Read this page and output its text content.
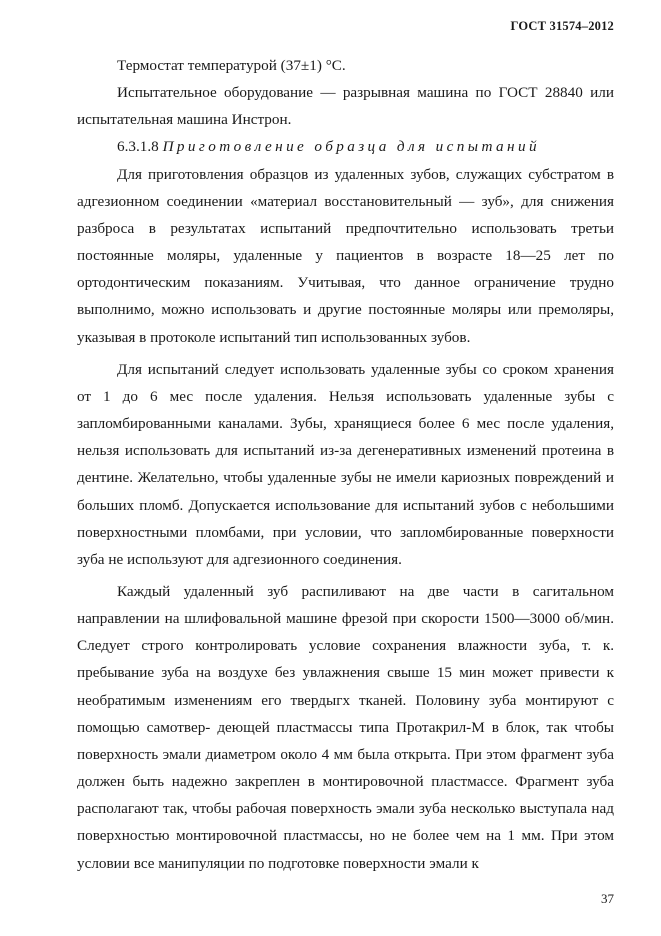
ГОСТ 31574–2012

Термостат температурой (37±1) °С.

Испытательное оборудование — разрывная машина по ГОСТ 28840 или испытательная машина Инстрон.

6.3.1.8 Приготовление образца для испытаний

Для приготовления образцов из удаленных зубов, служащих субстратом в адгезионном соединении «материал восстановительный — зуб», для снижения разброса в результатах испытаний предпочтительно использовать третьи постоянные моляры, удаленные у пациентов в возрасте 18—25 лет по ортодонтическим показаниям. Учитывая, что данное ограничение трудно выполнимо, можно использовать и другие постоянные моляры или премоляры, указывая в протоколе испытаний тип использованных зубов.

Для испытаний следует использовать удаленные зубы со сроком хранения от 1 до 6 мес после удаления. Нельзя использовать удаленные зубы с запломбированными каналами. Зубы, хранящиеся более 6 мес после удаления, нельзя использовать для испытаний из-за дегенеративных изменений протеина в дентине. Желательно, чтобы удаленные зубы не имели кариозных повреждений и больших пломб. Допускается использование для испытаний зубов с небольшими поверхностными пломбами, при условии, что запломбированные поверхности зуба не используют для адгезионного соединения.

Каждый удаленный зуб распиливают на две части в сагитальном направлении на шлифовальной машине фрезой при скорости 1500—3000 об/мин. Следует строго контролировать условие сохранения влажности зуба, т. к. пребывание зуба на воздухе без увлажнения свыше 15 мин может привести к необратимым изменениям его твердыгх тканей. Половину зуба монтируют с помощью самотвер- деющей пластмассы типа Протакрил-М в блок, так чтобы поверхность эмали диаметром около 4 мм была открыта. При этом фрагмент зуба должен быть надежно закреплен в монтировочной пластмассе. Фрагмент зуба располагают так, чтобы рабочая поверхность эмали зуба несколько выступала над поверхностью монтировочной пластмассы, но не более чем на 1 мм. При этом условии все манипуляции по подготовке поверхности эмали к

37
